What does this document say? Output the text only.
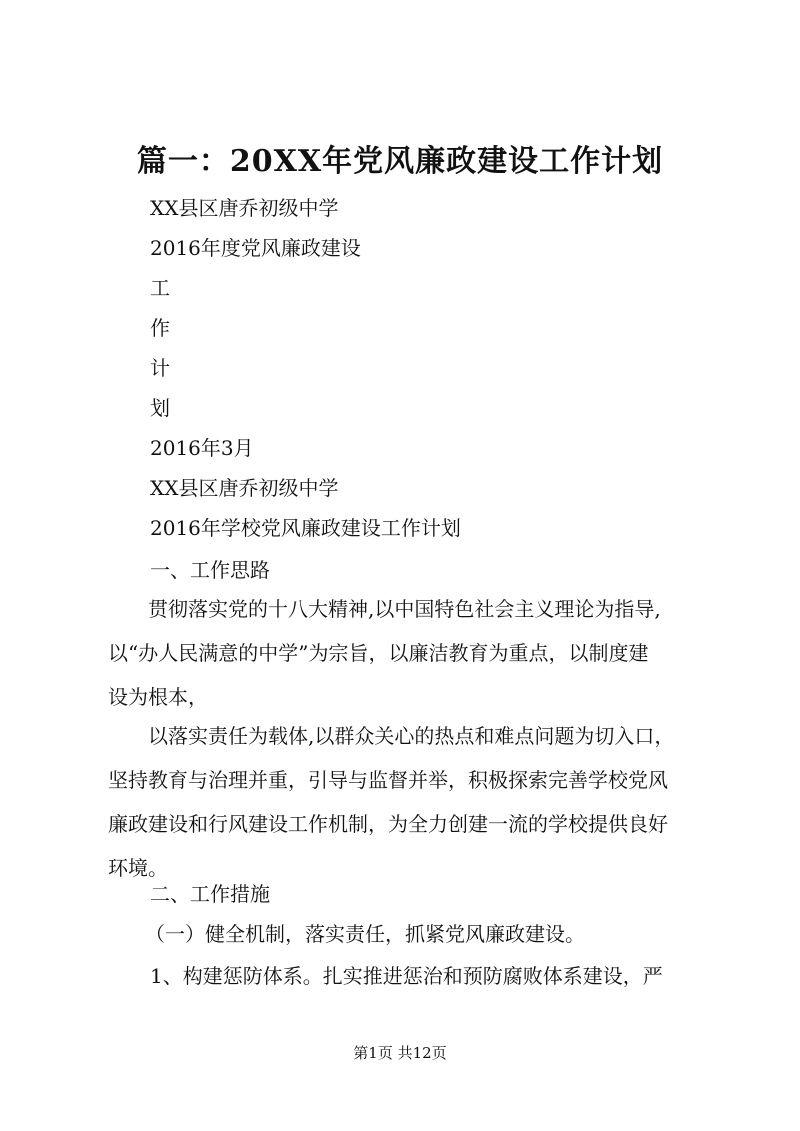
篇一：20XX年党风廉政建设工作计划
XX县区唐乔初级中学
2016年度党风廉政建设
工
作
计
划
2016年3月
XX县区唐乔初级中学
2016年学校党风廉政建设工作计划
一、工作思路
　　贯彻落实党的十八大精神,以中国特色社会主义理论为指导,
以“办人民满意的中学”为宗旨，以廉洁教育为重点，以制度建
设为根本，
　　以落实责任为载体,以群众关心的热点和难点问题为切入口，
坚持教育与治理并重，引导与监督并举，积极探索完善学校党风
廉政建设和行风建设工作机制，为全力创建一流的学校提供良好
环境。
二、工作措施
（一）健全机制，落实责任，抓紧党风廉政建设。
1、构建惩防体系。扎实推进惩治和预防腐败体系建设，严
第1页 共12页
